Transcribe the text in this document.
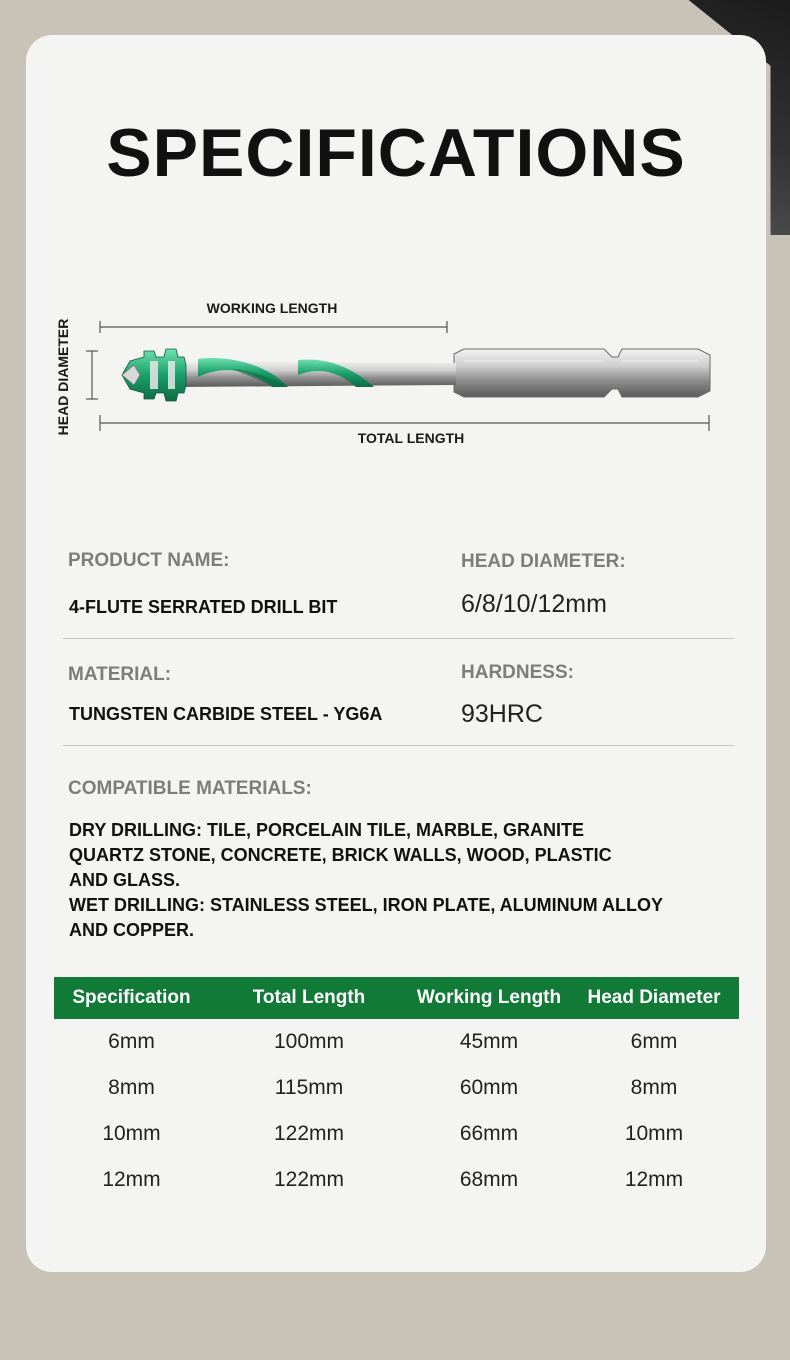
SPECIFICATIONS
WORKING LENGTH
TOTAL LENGTH
HEAD DIAMETER

PRODUCT NAME:

4-FLUTE SERRATED DRILL BIT

HEAD DIAMETER:

6/8/10/12mm

MATERIAL:

TUNGSTEN CARBIDE STEEL - YG6A

HARDNESS:

93HRC

COMPATIBLE MATERIALS:

DRY DRILLING: TILE, PORCELAIN TILE, MARBLE, GRANITE
QUARTZ STONE, CONCRETE, BRICK WALLS, WOOD, PLASTIC
AND GLASS.
WET DRILLING: STAINLESS STEEL, IRON PLATE, ALUMINUM ALLOY
AND COPPER.
Specification	Total Length	Working Length	Head Diameter
6mm	100mm	45mm	6mm
8mm	115mm	60mm	8mm
10mm	122mm	66mm	10mm
12mm	122mm	68mm	12mm
